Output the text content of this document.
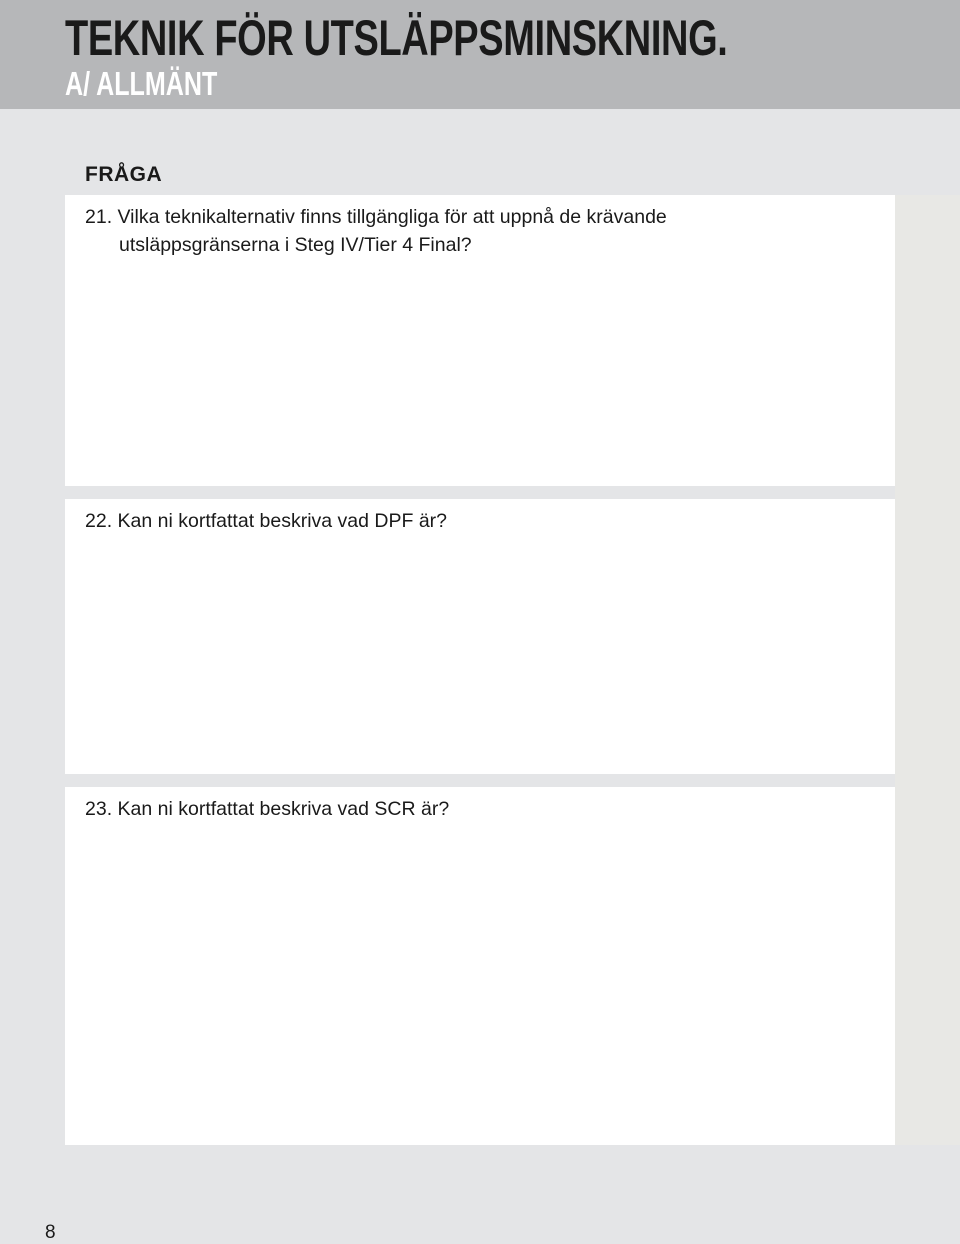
TEKNIK FÖR UTSLÄPPSMINSKNING.
A/ ALLMÄNT
FRÅGA
21. Vilka teknikalternativ finns tillgängliga för att uppnå de krävande
utsläppsgränserna i Steg IV/Tier 4 Final?
22. Kan ni kortfattat beskriva vad DPF är?
23. Kan ni kortfattat beskriva vad SCR är?
8
